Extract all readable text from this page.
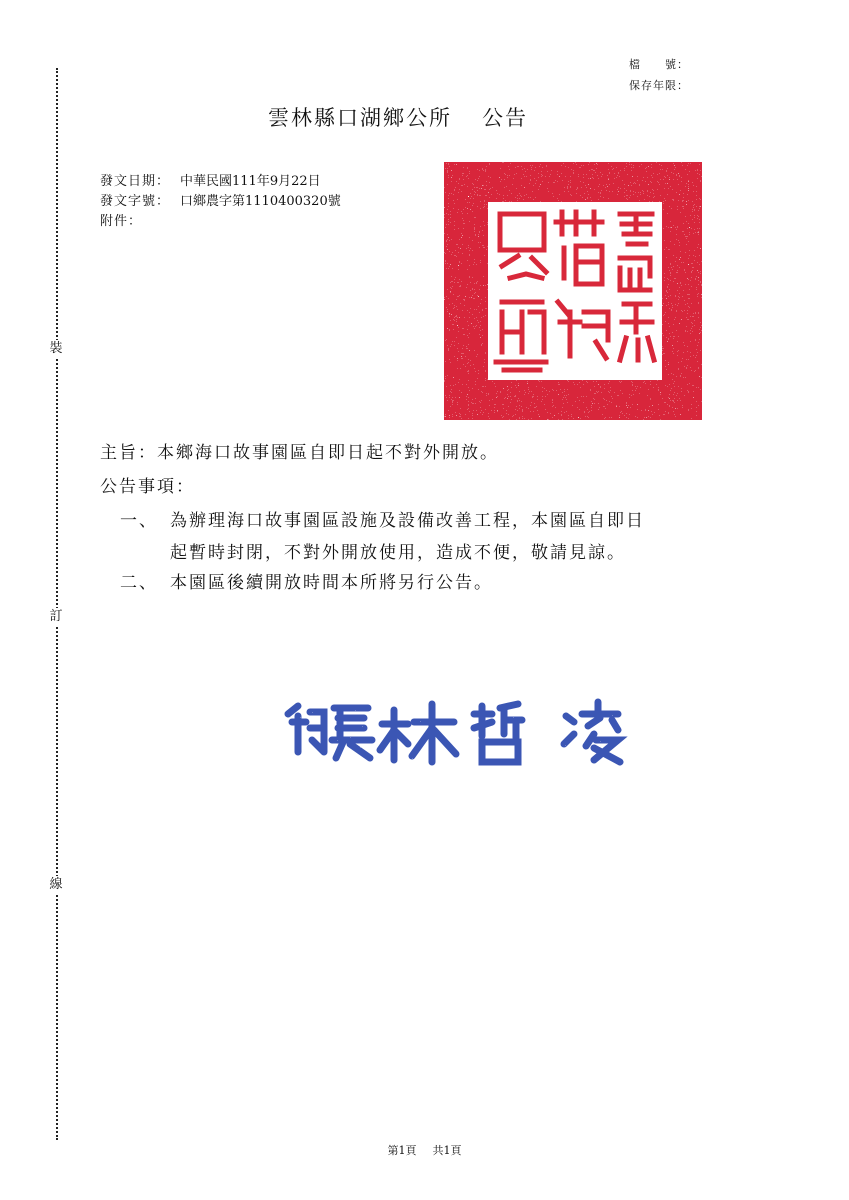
裝
訂
線
檔　　號：
保存年限：
雲林縣口湖鄉公所 公告
發文日期： 中華民國111年9月22日
發文字號： 口鄉農字第1110400320號
附件：
主旨：本鄉海口故事園區自即日起不對外開放。
公告事項：
一、 為辦理海口故事園區設施及設備改善工程，本園區自即日
起暫時封閉，不對外開放使用，造成不便，敬請見諒。
二、 本園區後續開放時間本所將另行公告。
第1頁 共1頁
